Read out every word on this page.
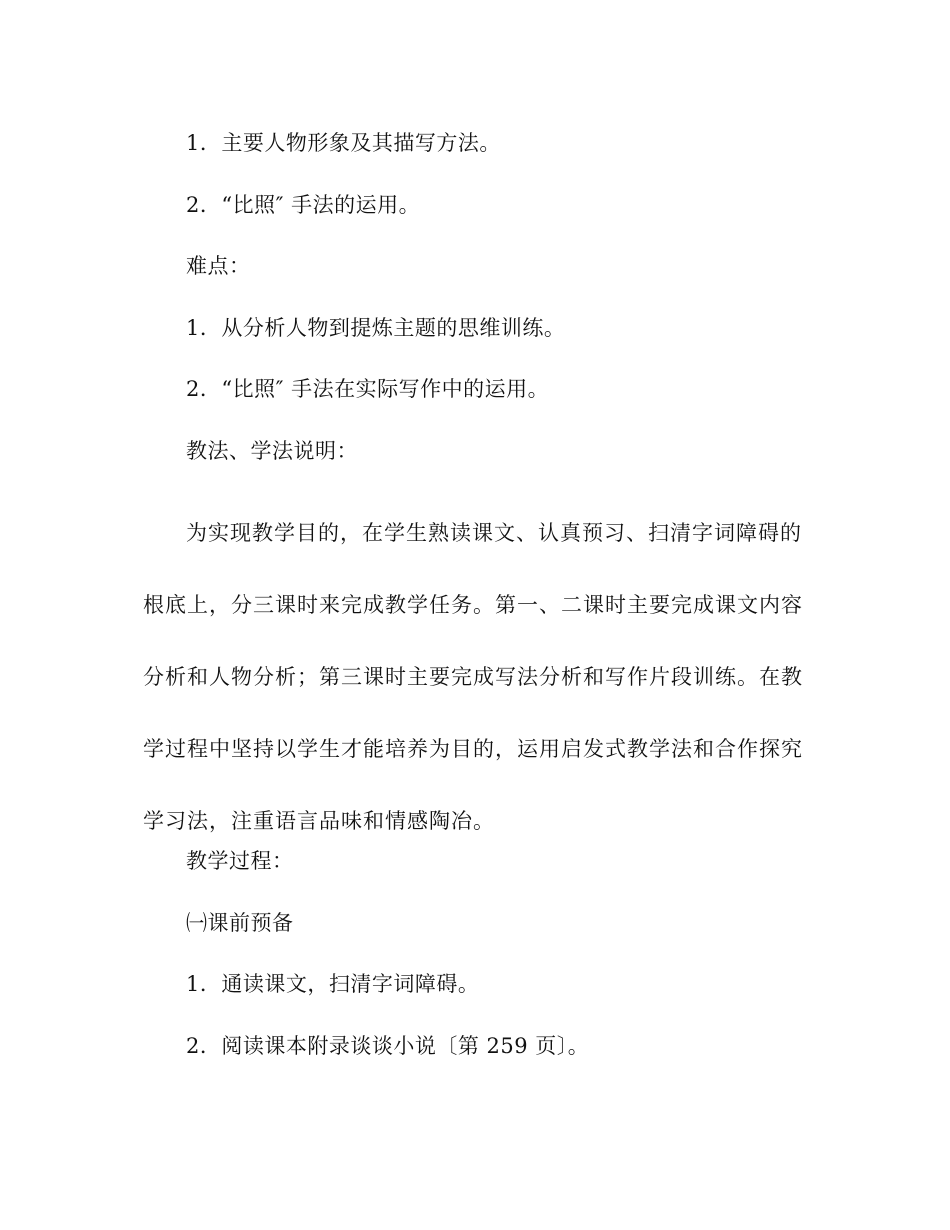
1．主要人物形象及其描写方法。
2．“比照″ 手法的运用。
难点：
1．从分析人物到提炼主题的思维训练。
2．“比照″ 手法在实际写作中的运用。
教法、学法说明：
为实现教学目的，在学生熟读课文、认真预习、扫清字词障碍的
根底上，分三课时来完成教学任务。第一、二课时主要完成课文内容
分析和人物分析；第三课时主要完成写法分析和写作片段训练。在教
学过程中坚持以学生才能培养为目的，运用启发式教学法和合作探究
学习法，注重语言品味和情感陶冶。
教学过程：
㈠课前预备
1．通读课文，扫清字词障碍。
2．阅读课本附录谈谈小说〔第 259 页〕。
